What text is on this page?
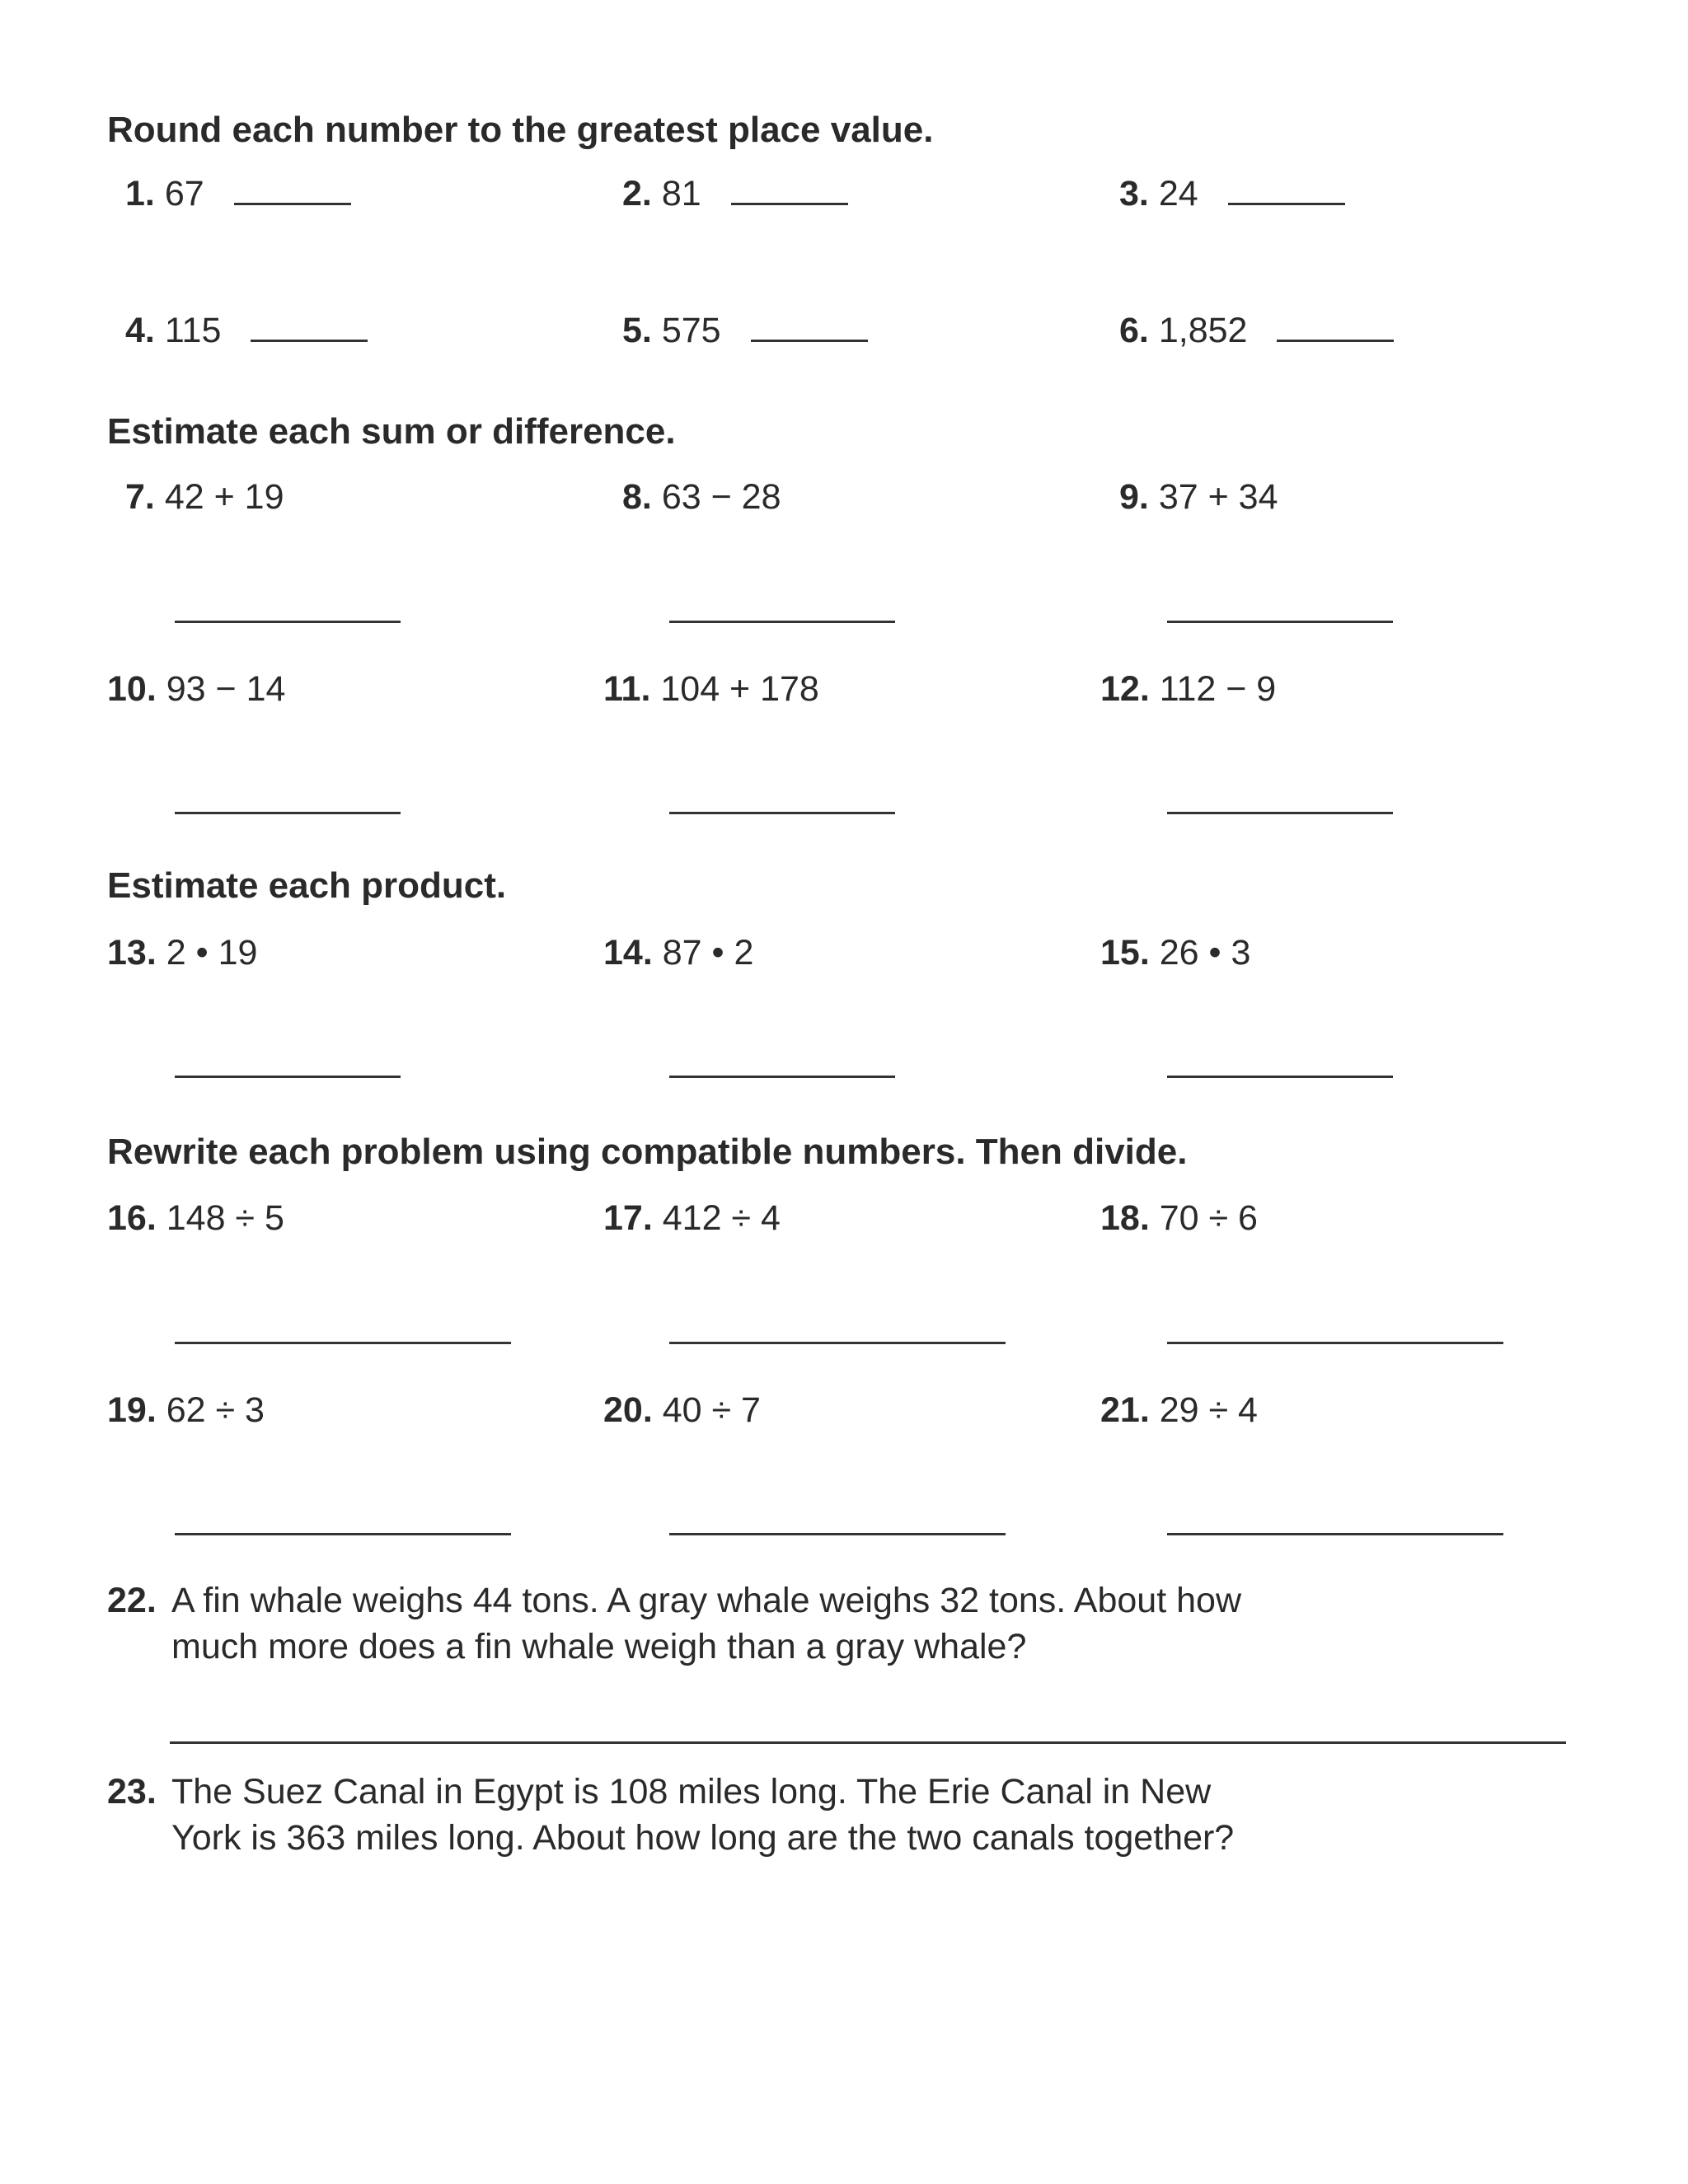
Round each number to the greatest place value.
1. 67	2. 81	3. 24
4. 115	5. 575	6. 1,852
Estimate each sum or difference.
7. 42 + 19	8. 63 − 28	9. 37 + 34
10. 93 − 14	11. 104 + 178	12. 112 − 9
Estimate each product.
13. 2 • 19	14. 87 • 2	15. 26 • 3
Rewrite each problem using compatible numbers. Then divide.
16. 148 ÷ 5	17. 412 ÷ 4	18. 70 ÷ 6
19. 62 ÷ 3	20. 40 ÷ 7	21. 29 ÷ 4
22. A fin whale weighs 44 tons. A gray whale weighs 32 tons. About how much more does a fin whale weigh than a gray whale?
23. The Suez Canal in Egypt is 108 miles long. The Erie Canal in New York is 363 miles long. About how long are the two canals together?
